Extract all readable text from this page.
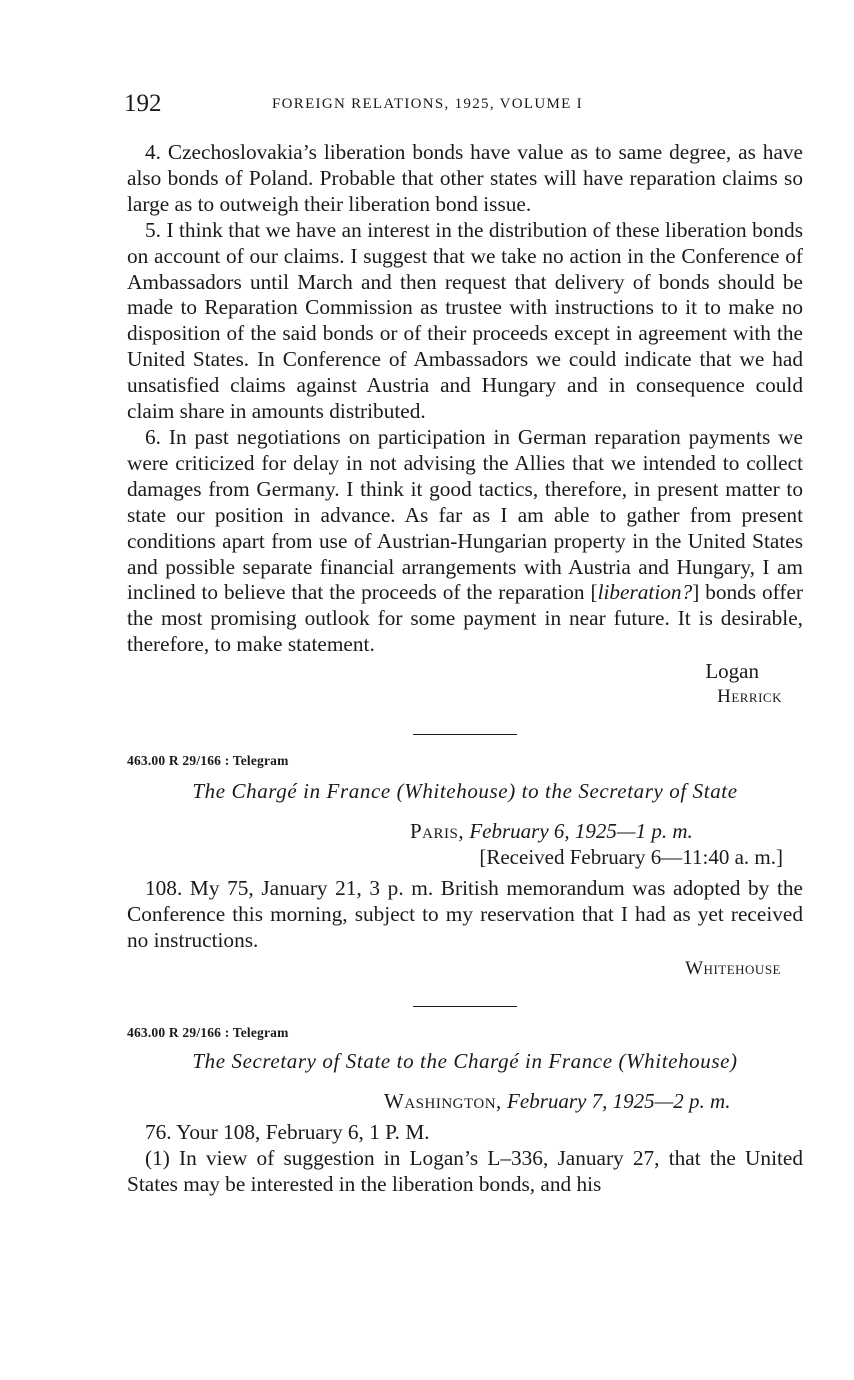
192	FOREIGN RELATIONS, 1925, VOLUME I

4. Czechoslovakia’s liberation bonds have value as to same degree, as have also bonds of Poland. Probable that other states will have reparation claims so large as to outweigh their liberation bond issue.

5. I think that we have an interest in the distribution of these liberation bonds on account of our claims. I suggest that we take no action in the Conference of Ambassadors until March and then request that delivery of bonds should be made to Reparation Commission as trustee with instructions to it to make no disposition of the said bonds or of their proceeds except in agreement with the United States. In Conference of Ambassadors we could indicate that we had unsatisfied claims against Austria and Hungary and in consequence could claim share in amounts distributed.

6. In past negotiations on participation in German reparation payments we were criticized for delay in not advising the Allies that we intended to collect damages from Germany. I think it good tactics, therefore, in present matter to state our position in advance. As far as I am able to gather from present conditions apart from use of Austrian-Hungarian property in the United States and possible separate financial arrangements with Austria and Hungary, I am inclined to believe that the proceeds of the reparation [liberation?] bonds offer the most promising outlook for some payment in near future. It is desirable, therefore, to make statement.

Logan
Herrick
463.00 R 29/166 : Telegram
The Chargé in France (Whitehouse) to the Secretary of State
Paris, February 6, 1925—1 p. m.
[Received February 6—11:40 a. m.]

108. My 75, January 21, 3 p. m. British memorandum was adopted by the Conference this morning, subject to my reservation that I had as yet received no instructions.

Whitehouse
463.00 R 29/166 : Telegram
The Secretary of State to the Chargé in France (Whitehouse)
Washington, February 7, 1925—2 p. m.

76. Your 108, February 6, 1 P. M.

(1) In view of suggestion in Logan’s L–336, January 27, that the United States may be interested in the liberation bonds, and his
